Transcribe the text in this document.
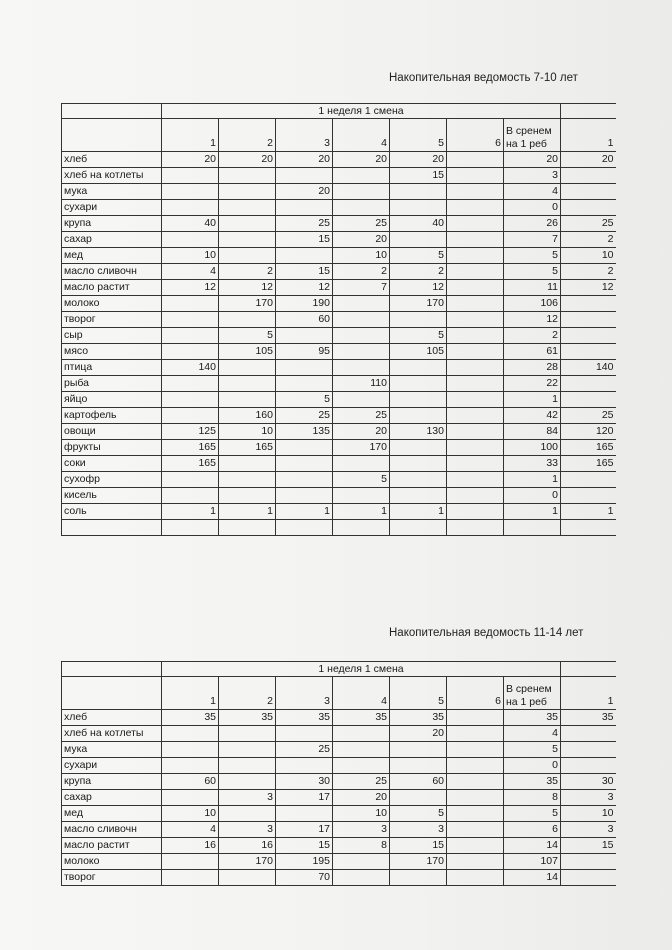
Накопительная ведомость 7-10 лет
	1 неделя 1 смена							
	1	2	3	4	5	6	В сренем на 1 реб	1
хлеб	20	20	20	20	20		20	20
хлеб на котлеты					15		3	
мука			20				4	
сухари							0	
крупа	40		25	25	40		26	25
сахар			15	20			7	2
мед	10			10	5		5	10
масло сливочн	4	2	15	2	2		5	2
масло растит	12	12	12	7	12		11	12
молоко		170	190		170		106	
творог			60				12	
сыр		5			5		2	
мясо		105	95		105		61	
птица	140						28	140
рыба				110			22	
яйцо			5				1	
картофель		160	25	25			42	25
овощи	125	10	135	20	130		84	120
фрукты	165	165		170			100	165
соки	165						33	165
сухофр				5			1	
кисель							0	
соль	1	1	1	1	1		1	1

Накопительная ведомость 11-14 лет
	1 неделя 1 смена							
	1	2	3	4	5	6	В сренем на 1 реб	1
хлеб	35	35	35	35	35		35	35
хлеб на котлеты					20		4	
мука			25				5	
сухари							0	
крупа	60		30	25	60		35	30
сахар		3	17	20			8	3
мед	10			10	5		5	10
масло сливочн	4	3	17	3	3		6	3
масло растит	16	16	15	8	15		14	15
молоко		170	195		170		107	
творог			70				14	
